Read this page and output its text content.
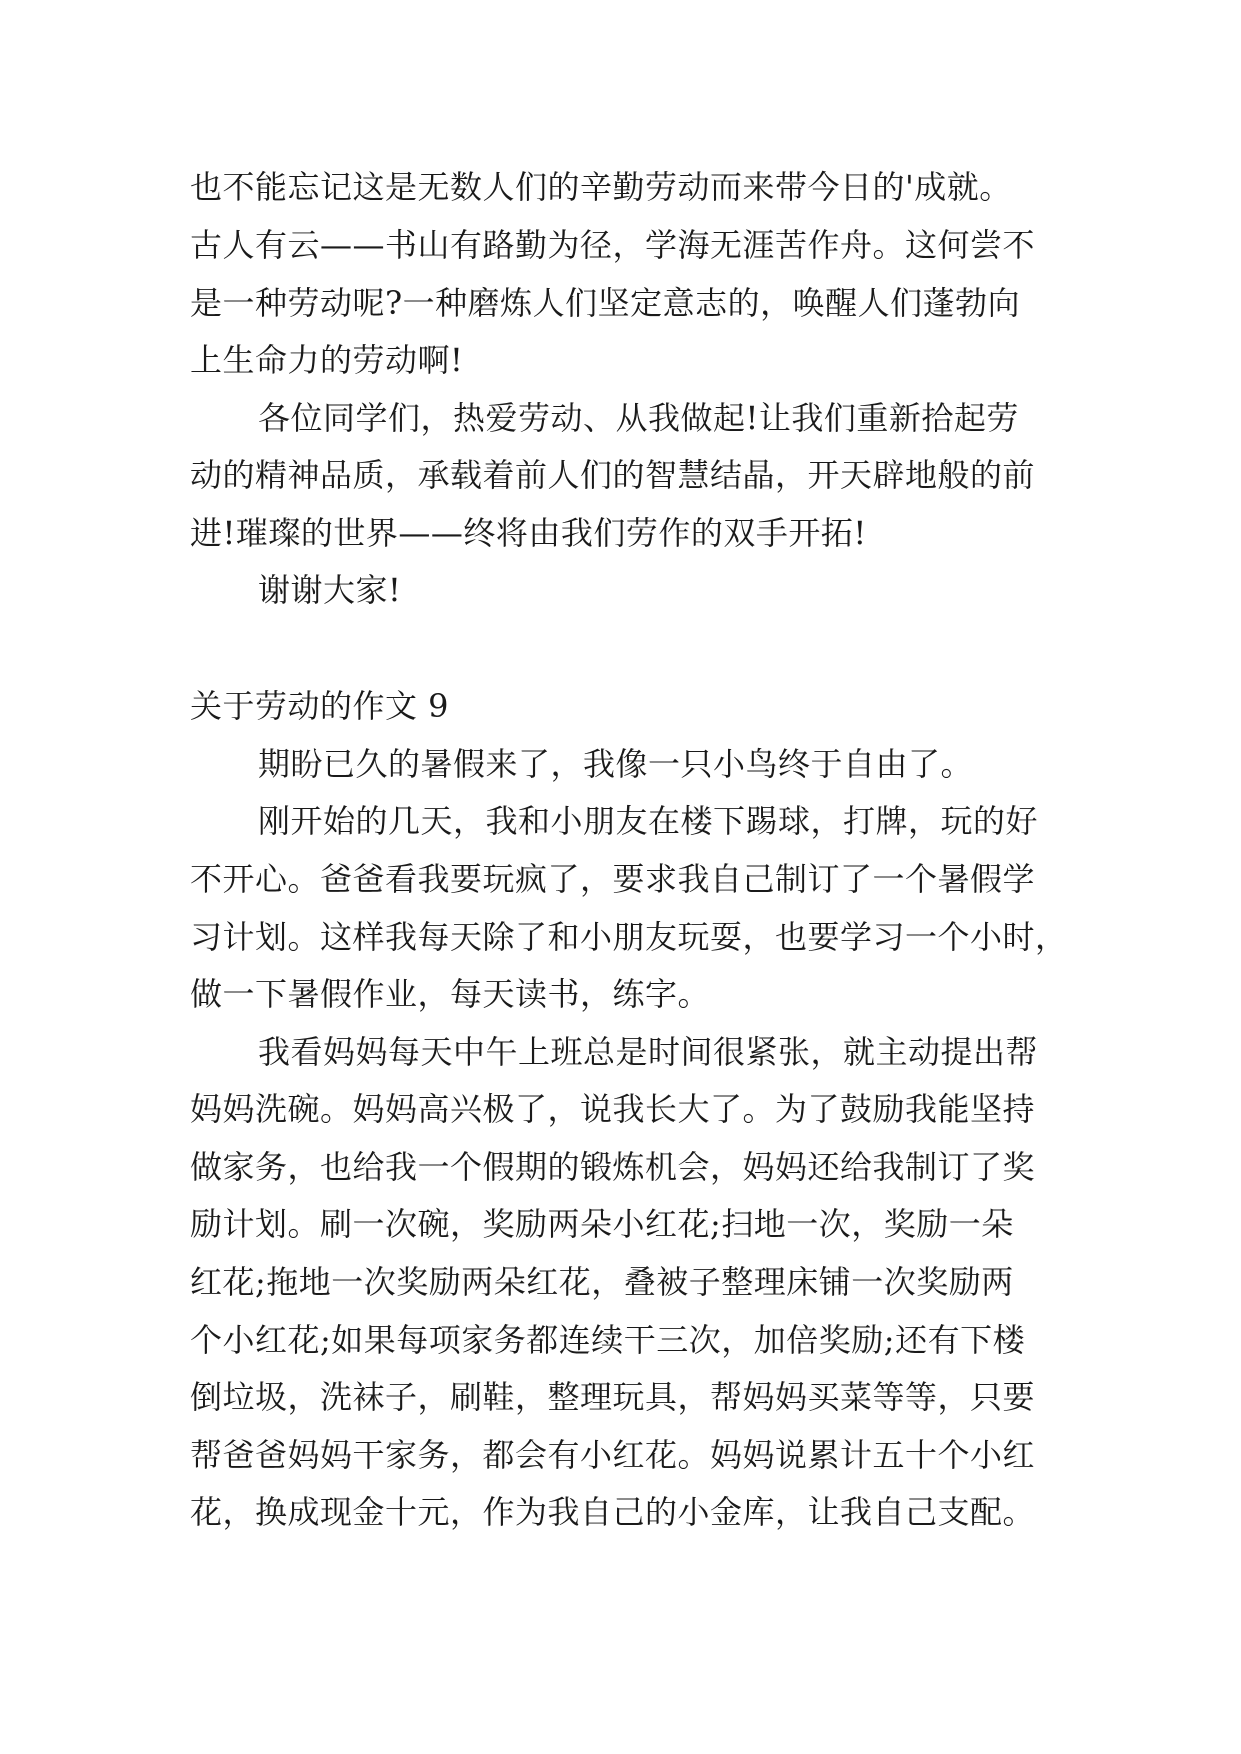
也不能忘记这是无数人们的辛勤劳动而来带今日的'成就。
古人有云——书山有路勤为径，学海无涯苦作舟。这何尝不
是一种劳动呢?一种磨炼人们坚定意志的，唤醒人们蓬勃向
上生命力的劳动啊!
各位同学们，热爱劳动、从我做起!让我们重新拾起劳
动的精神品质，承载着前人们的智慧结晶，开天辟地般的前
进!璀璨的世界——终将由我们劳作的双手开拓!
谢谢大家!
关于劳动的作文 9
期盼已久的暑假来了，我像一只小鸟终于自由了。
刚开始的几天，我和小朋友在楼下踢球，打牌，玩的好
不开心。爸爸看我要玩疯了，要求我自己制订了一个暑假学
习计划。这样我每天除了和小朋友玩耍，也要学习一个小时，
做一下暑假作业，每天读书，练字。
我看妈妈每天中午上班总是时间很紧张，就主动提出帮
妈妈洗碗。妈妈高兴极了，说我长大了。为了鼓励我能坚持
做家务，也给我一个假期的锻炼机会，妈妈还给我制订了奖
励计划。刷一次碗，奖励两朵小红花;扫地一次，奖励一朵
红花;拖地一次奖励两朵红花，叠被子整理床铺一次奖励两
个小红花;如果每项家务都连续干三次，加倍奖励;还有下楼
倒垃圾，洗袜子，刷鞋，整理玩具，帮妈妈买菜等等，只要
帮爸爸妈妈干家务，都会有小红花。妈妈说累计五十个小红
花，换成现金十元，作为我自己的小金库，让我自己支配。
